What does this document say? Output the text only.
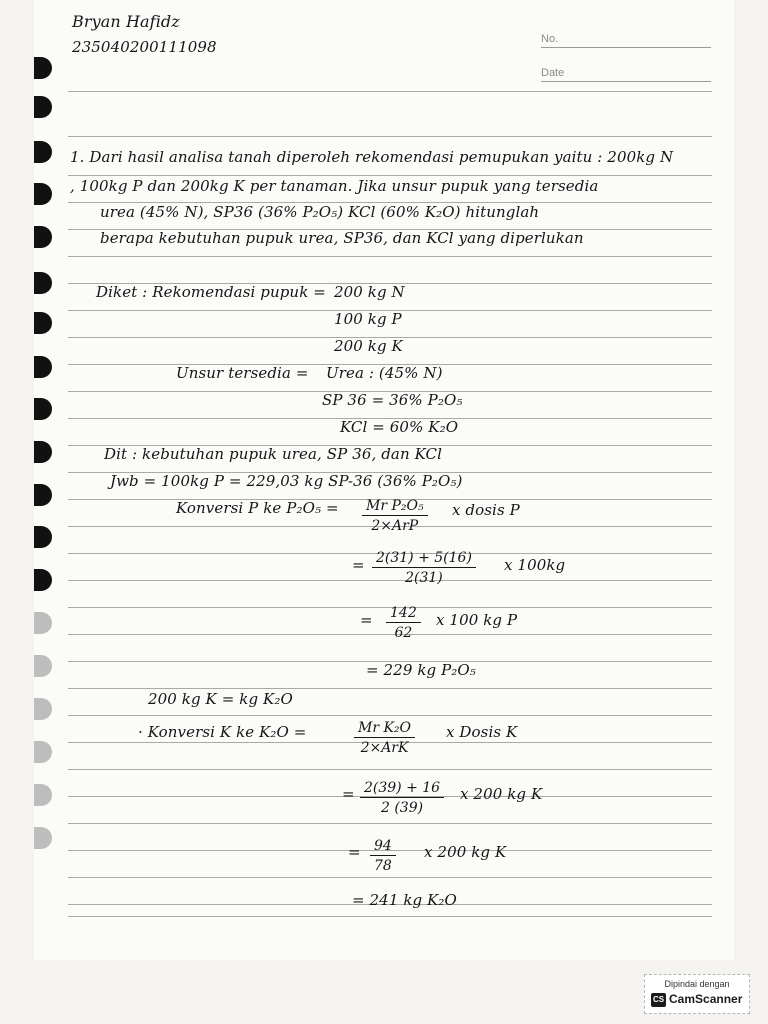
Bryan Hafidz
235040200111098	No.
Date
1. Dari hasil analisa tanah diperoleh rekomendasi pemupukan yaitu : 200kg N
, 100kg P dan 200kg K per tanaman. Jika unsur pupuk yang tersedia
urea (45% N), SP36 (36% P₂O₅) KCl (60% K₂O) hitunglah
berapa kebutuhan pupuk urea, SP36, dan KCl yang diperlukan
Diket : Rekomendasi pupuk = 200 kg N
100 kg P
200 kg K
Unsur tersedia = Urea : (45% N)
SP 36 = 36% P₂O₅
KCl = 60% K₂O
Dit : kebutuhan pupuk urea, SP 36, dan KCl
Jwb = 100kg P = 229,03 kg SP-36 (36% P₂O₅)
Konversi P ke P₂O₅ = Mr P₂O₅
2×ArP
x dosis P
= $\frac{2(31) + 5(16)}{2(31)}$ x 100kg
= $\frac{142}{62}$ x 100 kg P
= 229 kg P₂O₅
200 kg K = kg K₂O
· Konversi K ke K₂O =	Mr K₂O
2×ArK
x Dosis K
= $\frac{2(39) + 16}{2 (39)}$ x 200 kg K
= $\frac{94}{78}$ x 200 kg K
= 241 kg K₂O
Dipindai dengan
CS CamScanner
